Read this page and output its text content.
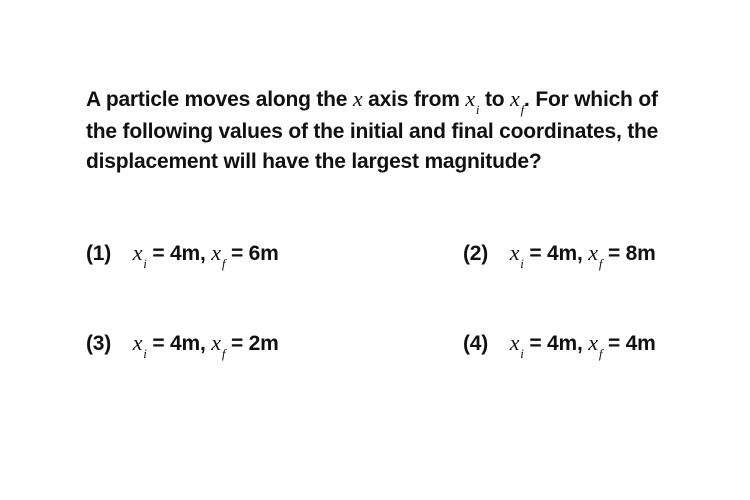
A particle moves along the x axis from $x_i$ to $x_f$. For which of
the following values of the initial and final coordinates, the
displacement will have the largest magnitude?
(1) $x_i = 4m$, $x_f = 6m$	(2) $x_i = 4m$, $x_f = 8m$
(3) $x_i = 4m$, $x_f = 2m$	(4) $x_i = 4m$, $x_f = 4m$
